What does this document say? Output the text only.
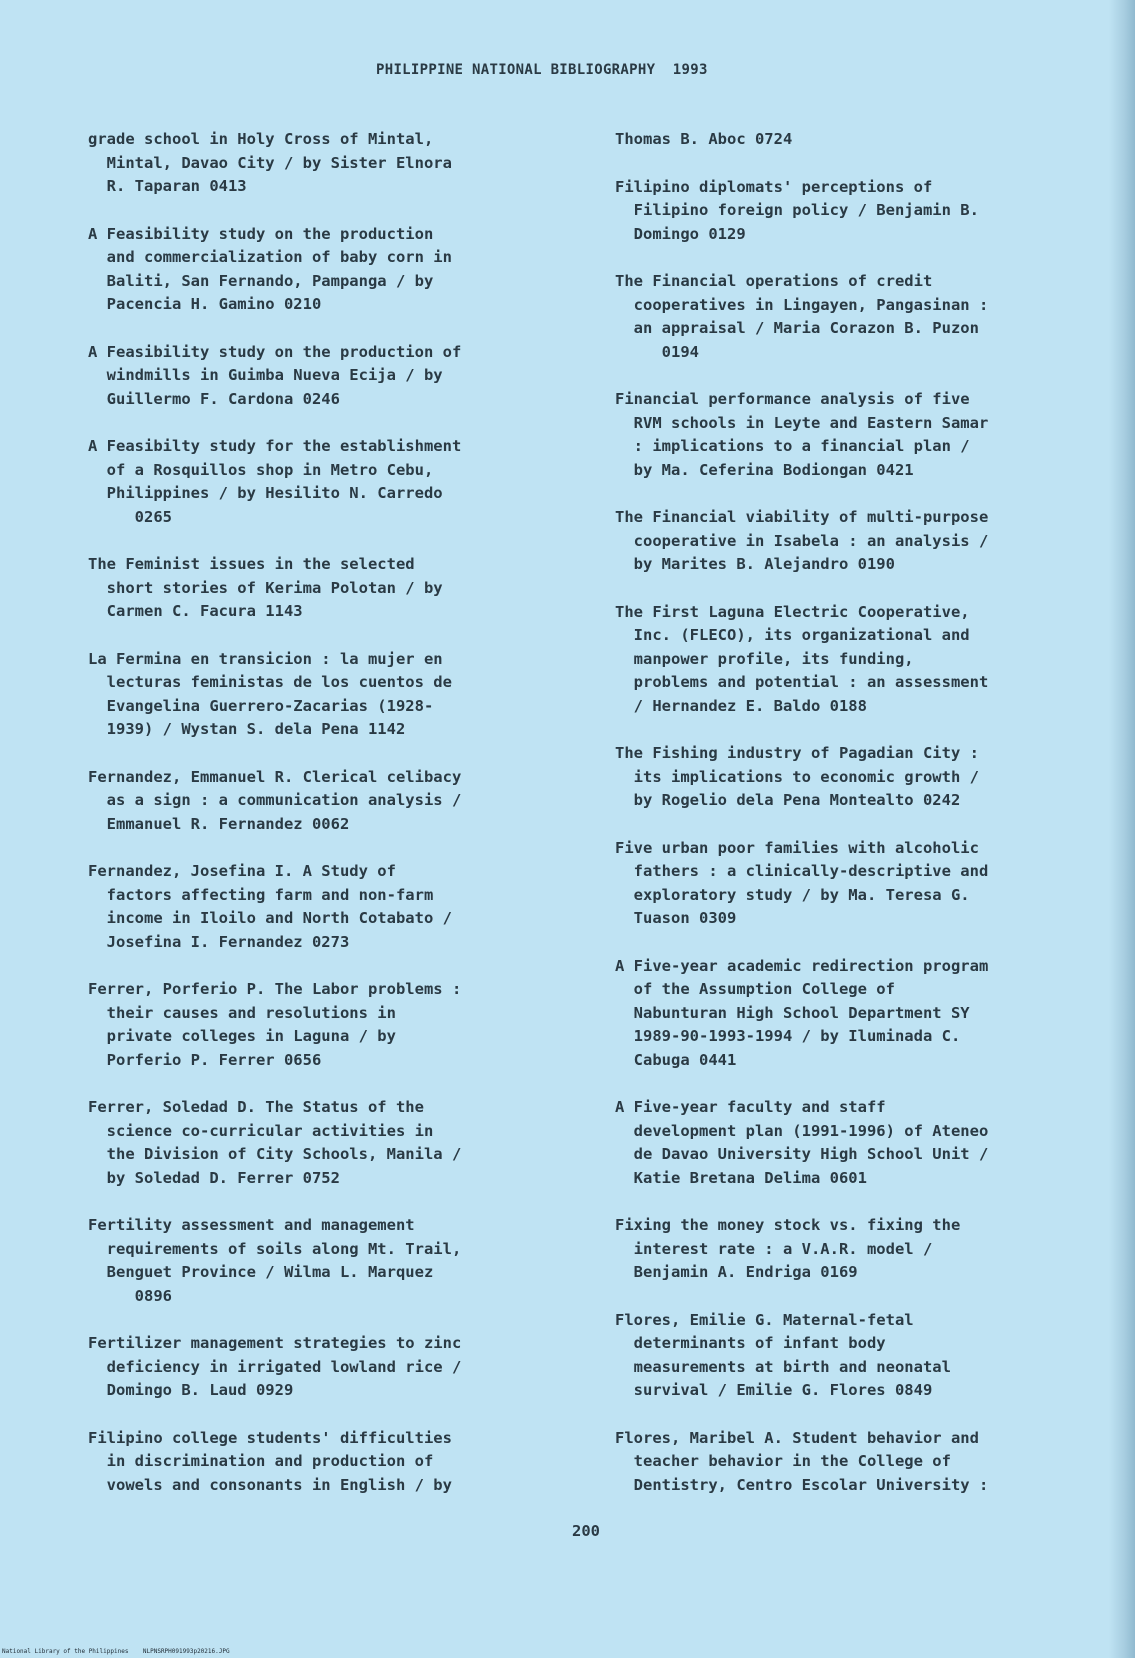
PHILIPPINE NATIONAL BIBLIOGRAPHY 1993
grade school in Holy Cross of Mintal,
Mintal, Davao City / by Sister Elnora
R. Taparan 0413
A Feasibility study on the production
and commercialization of baby corn in
Baliti, San Fernando, Pampanga / by
Pacencia H. Gamino 0210
A Feasibility study on the production of
windmills in Guimba Nueva Ecija / by
Guillermo F. Cardona 0246
A Feasibilty study for the establishment
of a Rosquillos shop in Metro Cebu,
Philippines / by Hesilito N. Carredo
0265
The Feminist issues in the selected
short stories of Kerima Polotan / by
Carmen C. Facura 1143
La Fermina en transicion : la mujer en
lecturas feministas de los cuentos de
Evangelina Guerrero-Zacarias (1928-
1939) / Wystan S. dela Pena 1142
Fernandez, Emmanuel R. Clerical celibacy
as a sign : a communication analysis /
Emmanuel R. Fernandez 0062
Fernandez, Josefina I. A Study of
factors affecting farm and non-farm
income in Iloilo and North Cotabato /
Josefina I. Fernandez 0273
Ferrer, Porferio P. The Labor problems :
their causes and resolutions in
private colleges in Laguna / by
Porferio P. Ferrer 0656
Ferrer, Soledad D. The Status of the
science co-curricular activities in
the Division of City Schools, Manila /
by Soledad D. Ferrer 0752
Fertility assessment and management
requirements of soils along Mt. Trail,
Benguet Province / Wilma L. Marquez
0896
Fertilizer management strategies to zinc
deficiency in irrigated lowland rice /
Domingo B. Laud 0929
Filipino college students' difficulties
in discrimination and production of
vowels and consonants in English / by
Thomas B. Aboc 0724
Filipino diplomats' perceptions of
Filipino foreign policy / Benjamin B.
Domingo 0129
The Financial operations of credit
cooperatives in Lingayen, Pangasinan :
an appraisal / Maria Corazon B. Puzon
0194
Financial performance analysis of five
RVM schools in Leyte and Eastern Samar
: implications to a financial plan /
by Ma. Ceferina Bodiongan 0421
The Financial viability of multi-purpose
cooperative in Isabela : an analysis /
by Marites B. Alejandro 0190
The First Laguna Electric Cooperative,
Inc. (FLECO), its organizational and
manpower profile, its funding,
problems and potential : an assessment
/ Hernandez E. Baldo 0188
The Fishing industry of Pagadian City :
its implications to economic growth /
by Rogelio dela Pena Montealto 0242
Five urban poor families with alcoholic
fathers : a clinically-descriptive and
exploratory study / by Ma. Teresa G.
Tuason 0309
A Five-year academic redirection program
of the Assumption College of
Nabunturan High School Department SY
1989-90-1993-1994 / by Iluminada C.
Cabuga 0441
A Five-year faculty and staff
development plan (1991-1996) of Ateneo
de Davao University High School Unit /
Katie Bretana Delima 0601
Fixing the money stock vs. fixing the
interest rate : a V.A.R. model /
Benjamin A. Endriga 0169
Flores, Emilie G. Maternal-fetal
determinants of infant body
measurements at birth and neonatal
survival / Emilie G. Flores 0849
Flores, Maribel A. Student behavior and
teacher behavior in the College of
Dentistry, Centro Escolar University :
200
National Library of the Philippines    NLPNSRPH091993p20216.JPG
